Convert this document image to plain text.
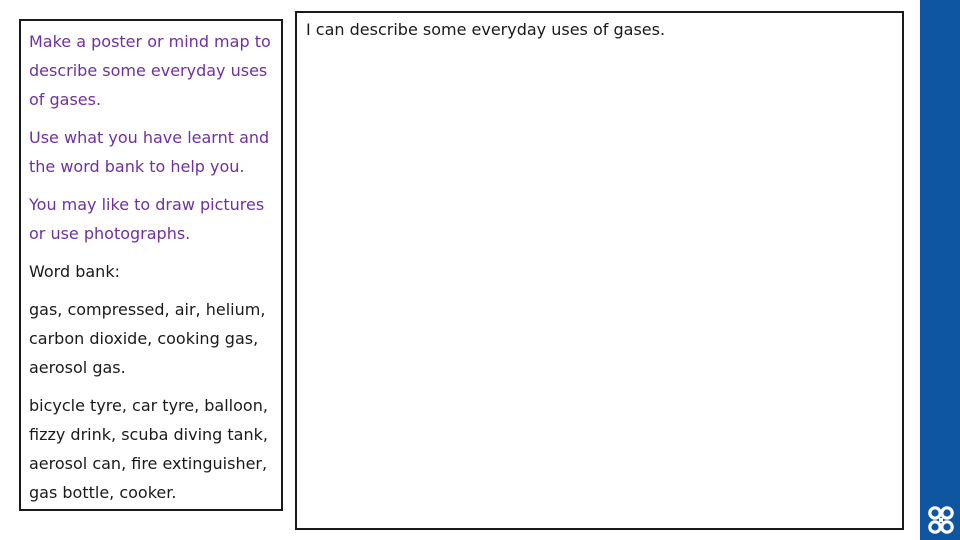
Make a poster or mind map to
describe some everyday uses
of gases.

Use what you have learnt and
the word bank to help you.

You may like to draw pictures
or use photographs.

Word bank:

gas, compressed, air, helium,
carbon dioxide, cooking gas,
aerosol gas.

bicycle tyre, car tyre, balloon,
fizzy drink, scuba diving tank,
aerosol can, fire extinguisher,
gas bottle, cooker.

I can describe some everyday uses of gases.
